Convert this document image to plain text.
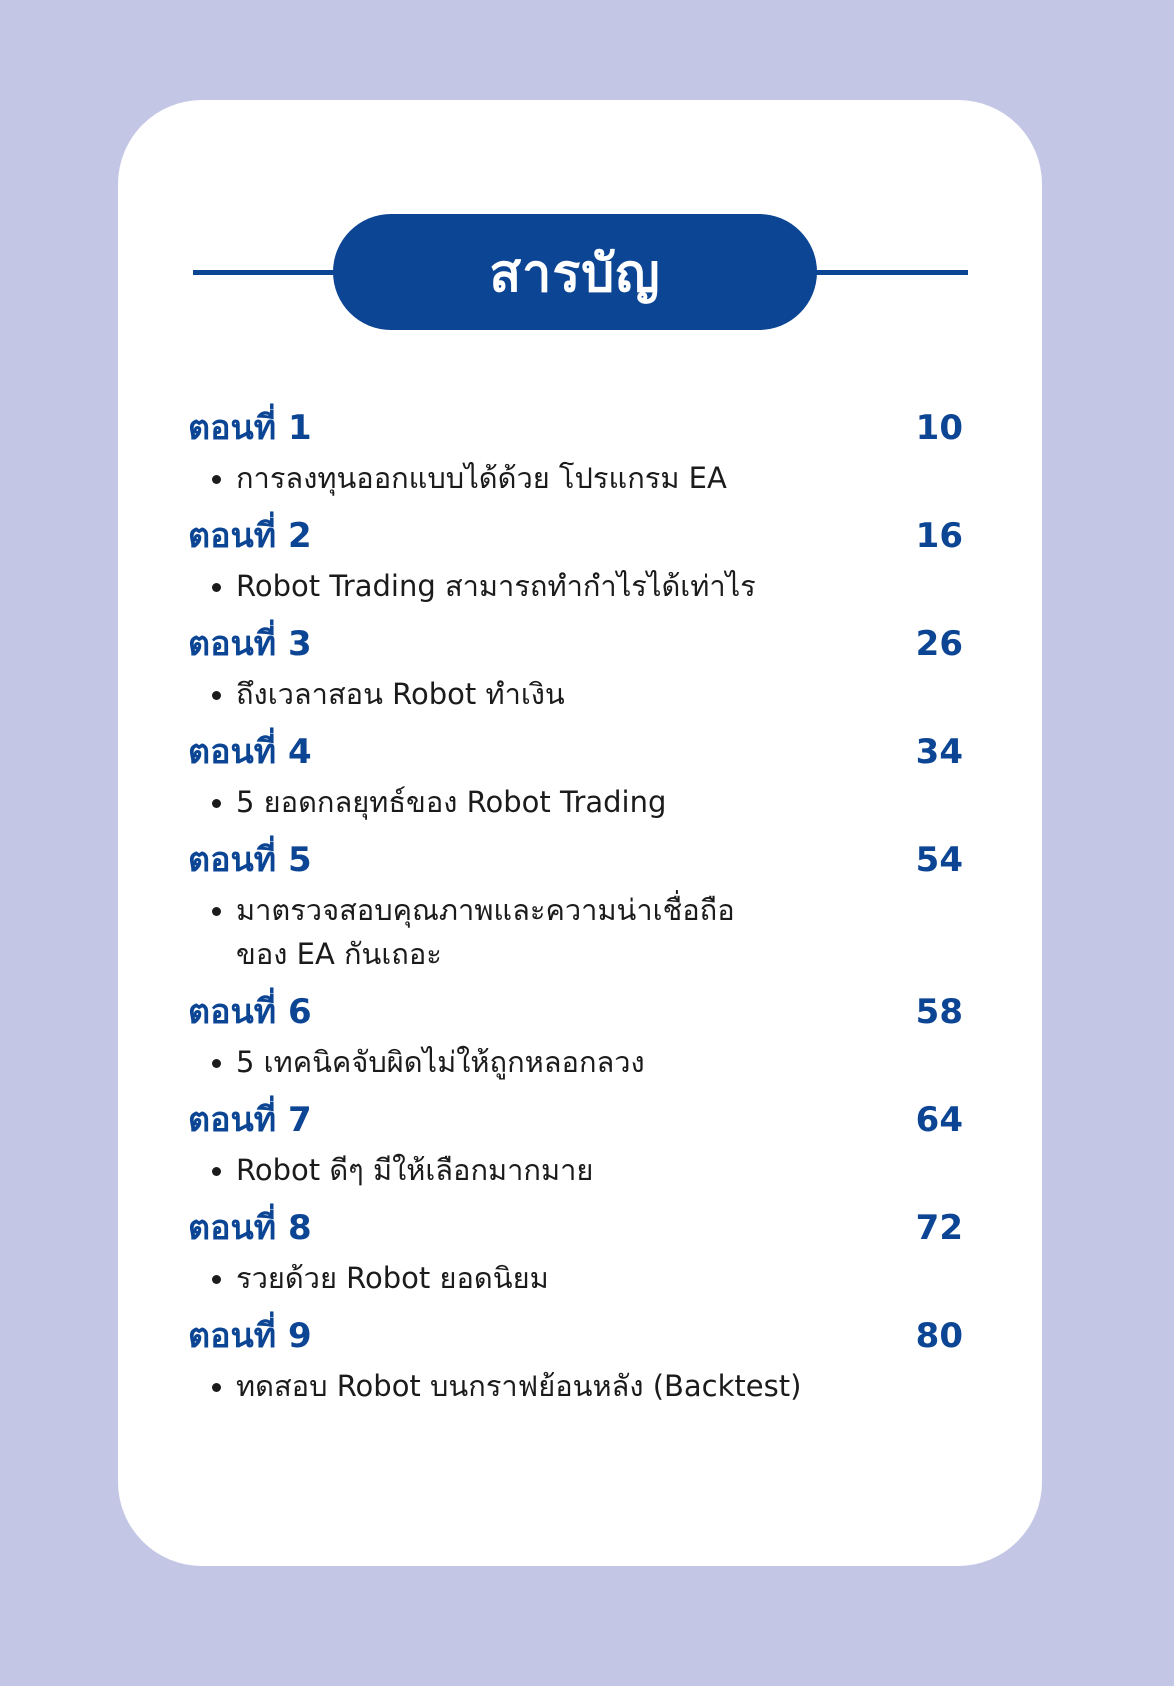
สารบัญ
ตอนที่ 1	10
การลงทุนออกแบบได้ด้วย โปรแกรม EA
ตอนที่ 2	16
Robot Trading สามารถทำกำไรได้เท่าไร
ตอนที่ 3	26
ถึงเวลาสอน Robot ทำเงิน
ตอนที่ 4	34
5 ยอดกลยุทธ์ของ Robot Trading
ตอนที่ 5	54
มาตรวจสอบคุณภาพและความน่าเชื่อถือ
ของ EA กันเถอะ
ตอนที่ 6	58
5 เทคนิคจับผิดไม่ให้ถูกหลอกลวง
ตอนที่ 7	64
Robot ดีๆ มีให้เลือกมากมาย
ตอนที่ 8	72
รวยด้วย Robot ยอดนิยม
ตอนที่ 9	80
ทดสอบ Robot บนกราฟย้อนหลัง (Backtest)
